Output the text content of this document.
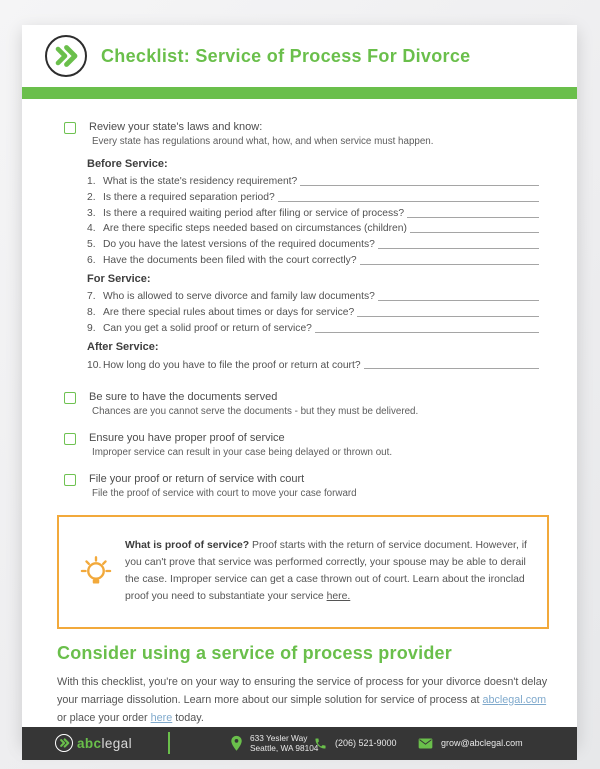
Checklist: Service of Process For Divorce
Review your state's laws and know:
Every state has regulations around what, how, and when service must happen.
Before Service:
1. What is the state's residency requirement?
2. Is there a required separation period?
3. Is there a required waiting period after filing or service of process?
4. Are there specific steps needed based on circumstances (children)
5. Do you have the latest versions of the required documents?
6. Have the documents been filed with the court correctly?
For Service:
7. Who is allowed to serve divorce and family law documents?
8. Are there special rules about times or days for service?
9. Can you get a solid proof or return of service?
After Service:
10. How long do you have to file the proof or return at court?
Be sure to have the documents served
Chances are you cannot serve the documents - but they must be delivered.
Ensure you have proper proof of service
Improper service can result in your case being delayed or thrown out.
File your proof or return of service with court
File the proof of service with court to move your case forward

What is proof of service? Proof starts with the return of service document. However, if you can't prove that service was performed correctly, your spouse may be able to derail the case. Improper service can get a case thrown out of court. Learn about the ironclad proof you need to substantiate your service here.

Consider using a service of process provider

With this checklist, you're on your way to ensuring the service of process for your divorce doesn't delay your marriage dissolution. Learn more about our simple solution for service of process at abclegal.com or place your order here today.

abc legal	633 Yesler Way
Seattle, WA 98104 (206) 521-9000	grow@abclegal.com
